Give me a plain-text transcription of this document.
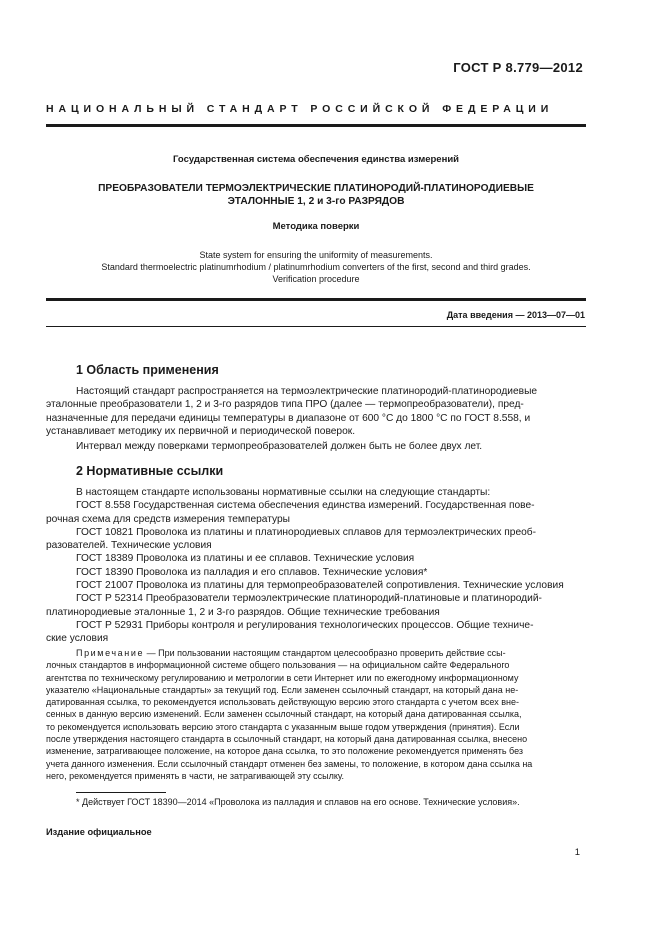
ГОСТ Р 8.779—2012
НАЦИОНАЛЬНЫЙ СТАНДАРТ РОССИЙСКОЙ ФЕДЕРАЦИИ
Государственная система обеспечения единства измерений
ПРЕОБРАЗОВАТЕЛИ ТЕРМОЭЛЕКТРИЧЕСКИЕ ПЛАТИНОРОДИЙ-ПЛАТИНОРОДИЕВЫЕ
ЭТАЛОННЫЕ 1, 2 и 3-го РАЗРЯДОВ
Методика поверки
State system for ensuring the uniformity of measurements.
Standard thermoelectric platinumrhodium / platinumrhodium converters of the first, second and third grades.
Verification procedure
Дата введения — 2013—07—01
1 Область применения
Настоящий стандарт распространяется на термоэлектрические платинородий-платинородиевые
эталонные преобразователи 1, 2 и 3-го разрядов типа ПРО (далее — термопреобразователи), пред-
назначенные для передачи единицы температуры в диапазоне от 600 °С до 1800 °С по ГОСТ 8.558, и
устанавливает методику их первичной и периодической поверок.
Интервал между поверками термопреобразователей должен быть не более двух лет.
2 Нормативные ссылки
В настоящем стандарте использованы нормативные ссылки на следующие стандарты:
ГОСТ 8.558 Государственная система обеспечения единства измерений. Государственная пове-
рочная схема для средств измерения температуры
ГОСТ 10821 Проволока из платины и платинородиевых сплавов для термоэлектрических преоб-
разователей. Технические условия
ГОСТ 18389 Проволока из платины и ее сплавов. Технические условия
ГОСТ 18390 Проволока из палладия и его сплавов. Технические условия*
ГОСТ 21007 Проволока из платины для термопреобразователей сопротивления. Технические условия
ГОСТ Р 52314 Преобразователи термоэлектрические платинородий-платиновые и платинородий-
платинородиевые эталонные 1, 2 и 3-го разрядов. Общие технические требования
ГОСТ Р 52931 Приборы контроля и регулирования технологических процессов. Общие техниче-
ские условия
Примечание — При пользовании настоящим стандартом целесообразно проверить действие ссы-
лочных стандартов в информационной системе общего пользования — на официальном сайте Федерального
агентства по техническому регулированию и метрологии в сети Интернет или по ежегодному информационному
указателю «Национальные стандарты» за текущий год. Если заменен ссылочный стандарт, на который дана не-
датированная ссылка, то рекомендуется использовать действующую версию этого стандарта с учетом всех вне-
сенных в данную версию изменений. Если заменен ссылочный стандарт, на который дана датированная ссылка,
то рекомендуется использовать версию этого стандарта с указанным выше годом утверждения (принятия). Если
после утверждения настоящего стандарта в ссылочный стандарт, на который дана датированная ссылка, внесено
изменение, затрагивающее положение, на которое дана ссылка, то это положение рекомендуется применять без
учета данного изменения. Если ссылочный стандарт отменен без замены, то положение, в котором дана ссылка на
него, рекомендуется применять в части, не затрагивающей эту ссылку.
* Действует ГОСТ 18390—2014 «Проволока из палладия и сплавов на его основе. Технические условия».
Издание официальное
1
